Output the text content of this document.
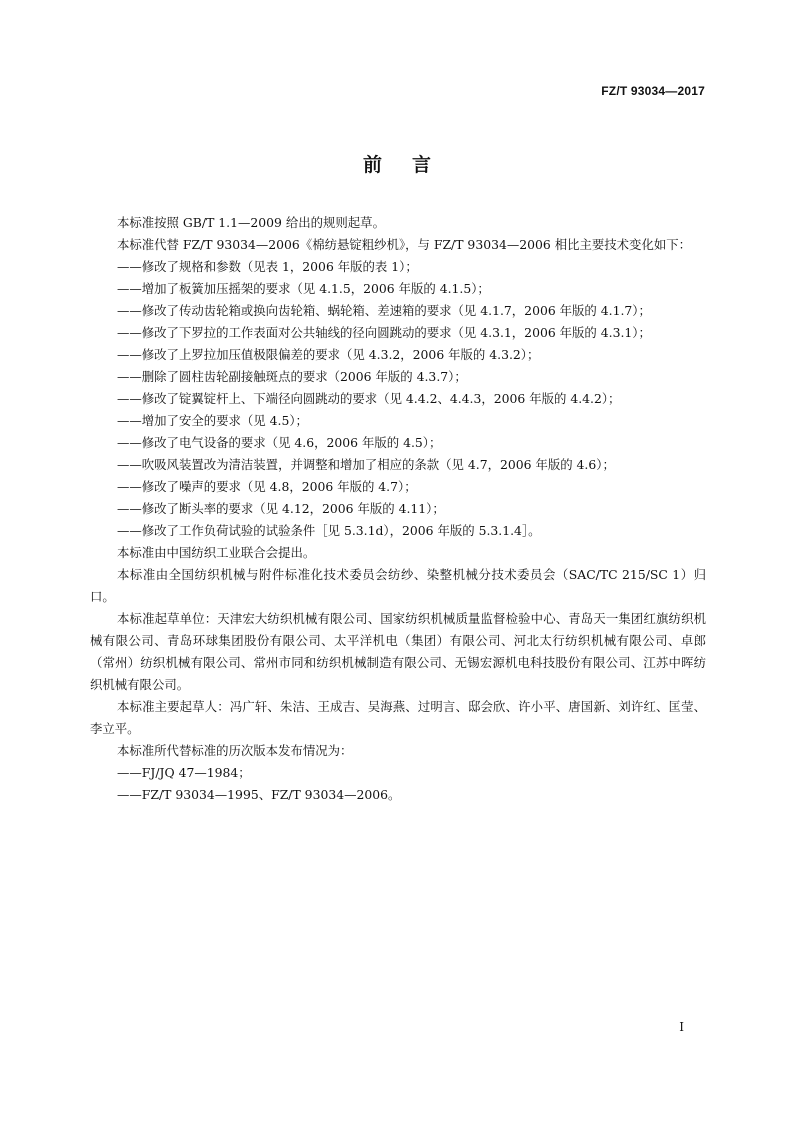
FZ/T 93034—2017
前言

本标准按照 GB/T 1.1—2009 给出的规则起草。

本标准代替 FZ/T 93034—2006《棉纺悬锭粗纱机》，与 FZ/T 93034—2006 相比主要技术变化如下：

——修改了规格和参数（见表 1，2006 年版的表 1）；

——增加了板簧加压摇架的要求（见 4.1.5，2006 年版的 4.1.5）；

——修改了传动齿轮箱或换向齿轮箱、蜗轮箱、差速箱的要求（见 4.1.7，2006 年版的 4.1.7）；

——修改了下罗拉的工作表面对公共轴线的径向圆跳动的要求（见 4.3.1，2006 年版的 4.3.1）；

——修改了上罗拉加压值极限偏差的要求（见 4.3.2，2006 年版的 4.3.2）；

——删除了圆柱齿轮副接触斑点的要求（2006 年版的 4.3.7）；

——修改了锭翼锭杆上、下端径向圆跳动的要求（见 4.4.2、4.4.3，2006 年版的 4.4.2）；

——增加了安全的要求（见 4.5）；

——修改了电气设备的要求（见 4.6，2006 年版的 4.5）；

——吹吸风装置改为清洁装置，并调整和增加了相应的条款（见 4.7，2006 年版的 4.6）；

——修改了噪声的要求（见 4.8，2006 年版的 4.7）；

——修改了断头率的要求（见 4.12，2006 年版的 4.11）；

——修改了工作负荷试验的试验条件［见 5.3.1d），2006 年版的 5.3.1.4］。

本标准由中国纺织工业联合会提出。

本标准由全国纺织机械与附件标准化技术委员会纺纱、染整机械分技术委员会（SAC/TC 215/SC 1）归口。

本标准起草单位：天津宏大纺织机械有限公司、国家纺织机械质量监督检验中心、青岛天一集团红旗纺织机械有限公司、青岛环球集团股份有限公司、太平洋机电（集团）有限公司、河北太行纺织机械有限公司、卓郎（常州）纺织机械有限公司、常州市同和纺织机械制造有限公司、无锡宏源机电科技股份有限公司、江苏中晖纺织机械有限公司。

本标准主要起草人：冯广轩、朱洁、王成吉、吴海燕、过明言、邸会欣、许小平、唐国新、刘许红、匡莹、李立平。

本标准所代替标准的历次版本发布情况为：

——FJ/JQ 47—1984；

——FZ/T 93034—1995、FZ/T 93034—2006。

I
